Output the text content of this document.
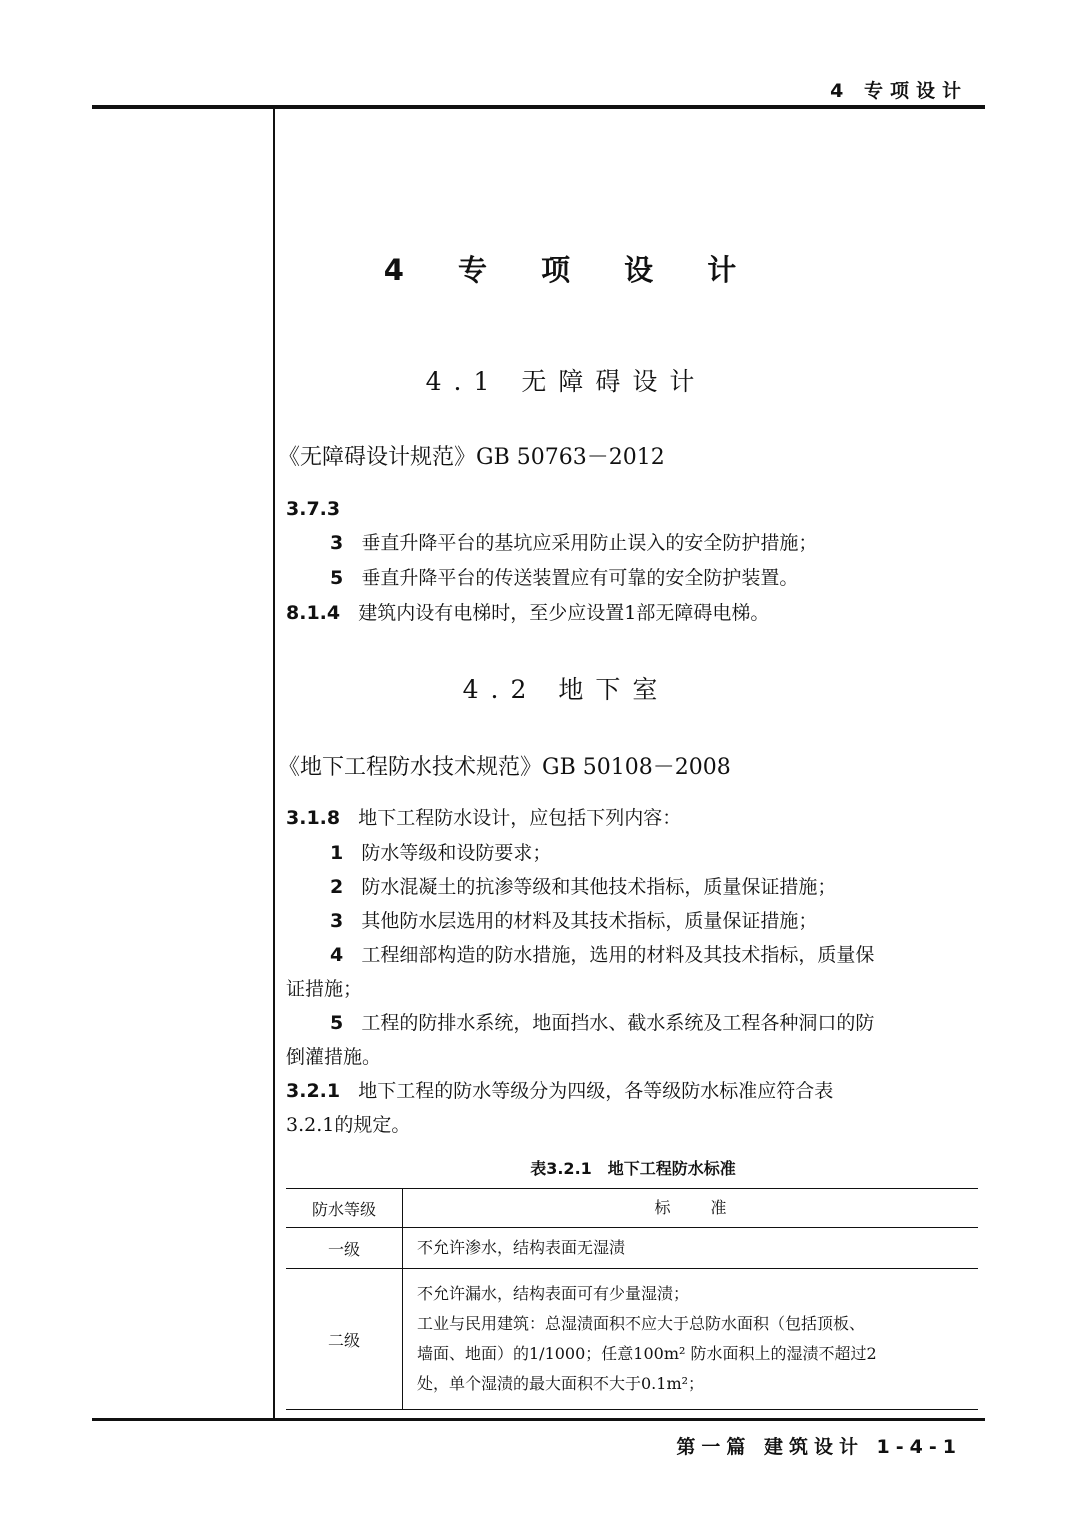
4 专项设计
4 专 项 设 计
4.1 无障碍设计
《无障碍设计规范》GB 50763－2012
3.7.3
3 垂直升降平台的基坑应采用防止误入的安全防护措施；
5 垂直升降平台的传送装置应有可靠的安全防护装置。
8.1.4 建筑内设有电梯时，至少应设置1部无障碍电梯。
4.2 地下室
《地下工程防水技术规范》GB 50108－2008
3.1.8 地下工程防水设计，应包括下列内容：
1 防水等级和设防要求；
2 防水混凝土的抗渗等级和其他技术指标，质量保证措施；
3 其他防水层选用的材料及其技术指标，质量保证措施；
4 工程细部构造的防水措施，选用的材料及其技术指标，质量保
证措施；
5 工程的防排水系统，地面挡水、截水系统及工程各种洞口的防
倒灌措施。
3.2.1 地下工程的防水等级分为四级，各等级防水标准应符合表
3.2.1的规定。
表3.2.1　地下工程防水标准
防水等级	标准
一级	不允许渗水，结构表面无湿渍
二级	不允许漏水，结构表面可有少量湿渍；
工业与民用建筑：总湿渍面积不应大于总防水面积（包括顶板、
墙面、地面）的1/1000；任意100m² 防水面积上的湿渍不超过2
处，单个湿渍的最大面积不大于0.1m²；
第一篇 建筑设计 1-4-1
